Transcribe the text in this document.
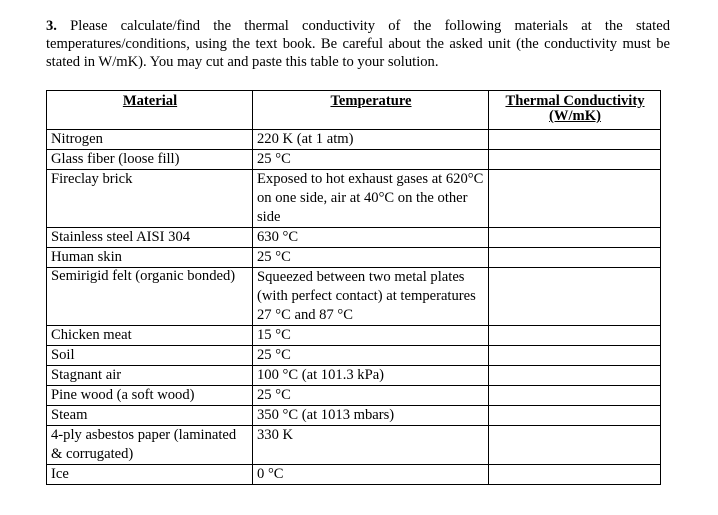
3. Please calculate/find the thermal conductivity of the following materials at the stated temperatures/conditions, using the text book. Be careful about the asked unit (the conductivity must be stated in W/mK). You may cut and paste this table to your solution.
Material	Temperature	Thermal Conductivity
(W/mK)
Nitrogen	220 K (at 1 atm)	
Glass fiber (loose fill)	25 °C	
Fireclay brick	Exposed to hot exhaust gases at 620°C on one side, air at 40°C on the other side	
Stainless steel AISI 304	630 °C	
Human skin	25 °C	
Semirigid felt (organic bonded)	Squeezed between two metal plates (with perfect contact) at temperatures 27 °C and 87 °C	
Chicken meat	15 °C	
Soil	25 °C	
Stagnant air	100 °C (at 101.3 kPa)	
Pine wood (a soft wood)	25 °C	
Steam	350 °C (at 1013 mbars)	
4-ply asbestos paper (laminated & corrugated)	330 K	
Ice	0 °C	
